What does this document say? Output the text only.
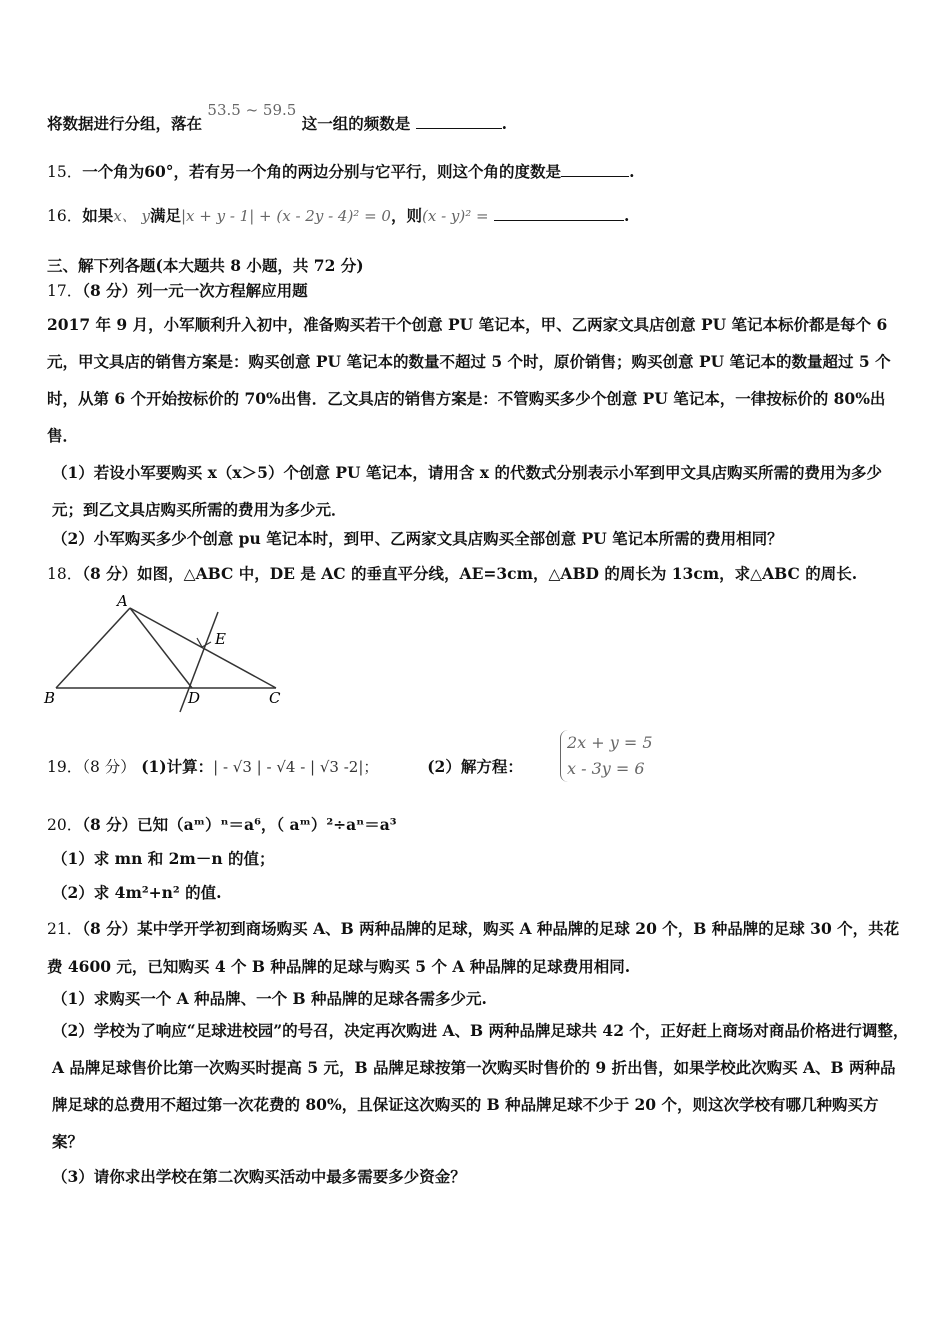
将数据进行分组，落在 53.5 ~ 59.5 这一组的频数是	.
15．一个角为60°，若有另一个角的两边分别与它平行，则这个角的度数是	.
16．如果x、 y满足|x + y - 1| + (x - 2y - 4)² = 0，则(x - y)² =	.
三、解下列各题(本大题共 8 小题，共 72 分)
17．（8 分）列一元一次方程解应用题
2017 年 9 月，小军顺利升入初中，准备购买若干个创意 PU 笔记本，甲、乙两家文具店创意 PU 笔记本标价都是每个 6 元，甲文具店的销售方案是：购买创意 PU 笔记本的数量不超过 5 个时，原价销售；购买创意 PU 笔记本的数量超过 5 个时，从第 6 个开始按标价的 70%出售．乙文具店的销售方案是：不管购买多少个创意 PU 笔记本，一律按标价的 80%出售．
（1）若设小军要购买 x（x＞5）个创意 PU 笔记本，请用含 x 的代数式分别表示小军到甲文具店购买所需的费用为多少元；到乙文具店购买所需的费用为多少元．
（2）小军购买多少个创意 pu 笔记本时，到甲、乙两家文具店购买全部创意 PU 笔记本所需的费用相同？
18．（8 分）如图，△ABC 中，DE 是 AC 的垂直平分线，AE=3cm，△ABD 的周长为 13cm，求△ABC 的周长.
A
B	C
D
E
19．（8 分） (1)计算：| - √3 | - √4 - | √3 -2|；	(2）解方程：
2x + y = 5
x - 3y = 6
20．（8 分）已知（aᵐ）ⁿ＝a⁶，（ aᵐ）²÷aⁿ＝a³
（1）求 mn 和 2m－n 的值；
（2）求 4m²+n² 的值.
21．（8 分）某中学开学初到商场购买 A、B 两种品牌的足球，购买 A 种品牌的足球 20 个，B 种品牌的足球 30 个，共花费 4600 元，已知购买 4 个 B 种品牌的足球与购买 5 个 A 种品牌的足球费用相同.
（1）求购买一个 A 种品牌、一个 B 种品牌的足球各需多少元.
（2）学校为了响应“足球进校园”的号召，决定再次购进 A、B 两种品牌足球共 42 个，正好赶上商场对商品价格进行调整，A 品牌足球售价比第一次购买时提高 5 元，B 品牌足球按第一次购买时售价的 9 折出售，如果学校此次购买 A、B 两种品牌足球的总费用不超过第一次花费的 80%，且保证这次购买的 B 种品牌足球不少于 20 个，则这次学校有哪几种购买方案？
（3）请你求出学校在第二次购买活动中最多需要多少资金？
